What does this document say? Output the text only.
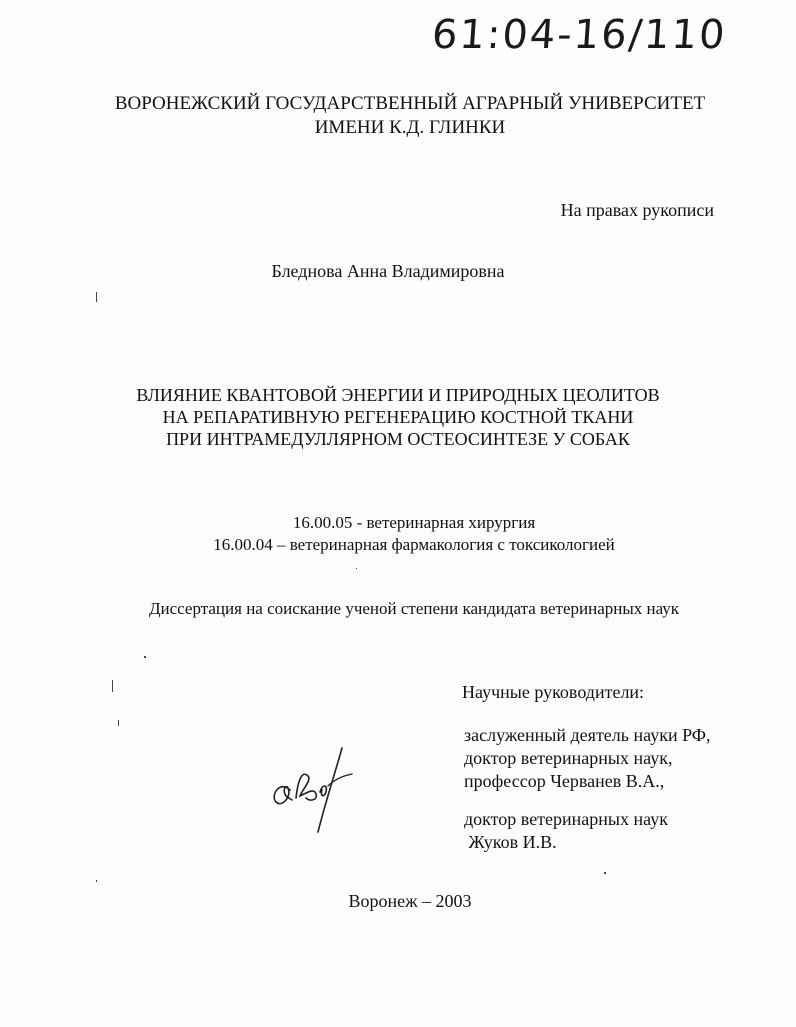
61:04-16/110
ВОРОНЕЖСКИЙ ГОСУДАРСТВЕННЫЙ АГРАРНЫЙ УНИВЕРСИТЕТ
ИМЕНИ К.Д. ГЛИНКИ
На правах рукописи
Бледнова Анна Владимировна
ВЛИЯНИЕ КВАНТОВОЙ ЭНЕРГИИ И ПРИРОДНЫХ ЦЕОЛИТОВ
НА РЕПАРАТИВНУЮ РЕГЕНЕРАЦИЮ КОСТНОЙ ТКАНИ
ПРИ ИНТРАМЕДУЛЛЯРНОМ ОСТЕОСИНТЕЗЕ У СОБАК
16.00.05 - ветеринарная хирургия
16.00.04 – ветеринарная фармакология с токсикологией
Диссертация на соискание ученой степени кандидата ветеринарных наук
Научные руководители:
заслуженный деятель науки РФ,
доктор ветеринарных наук,
профессор Черванев В.А.,
доктор ветеринарных наук
Жуков И.В.
Воронеж – 2003
